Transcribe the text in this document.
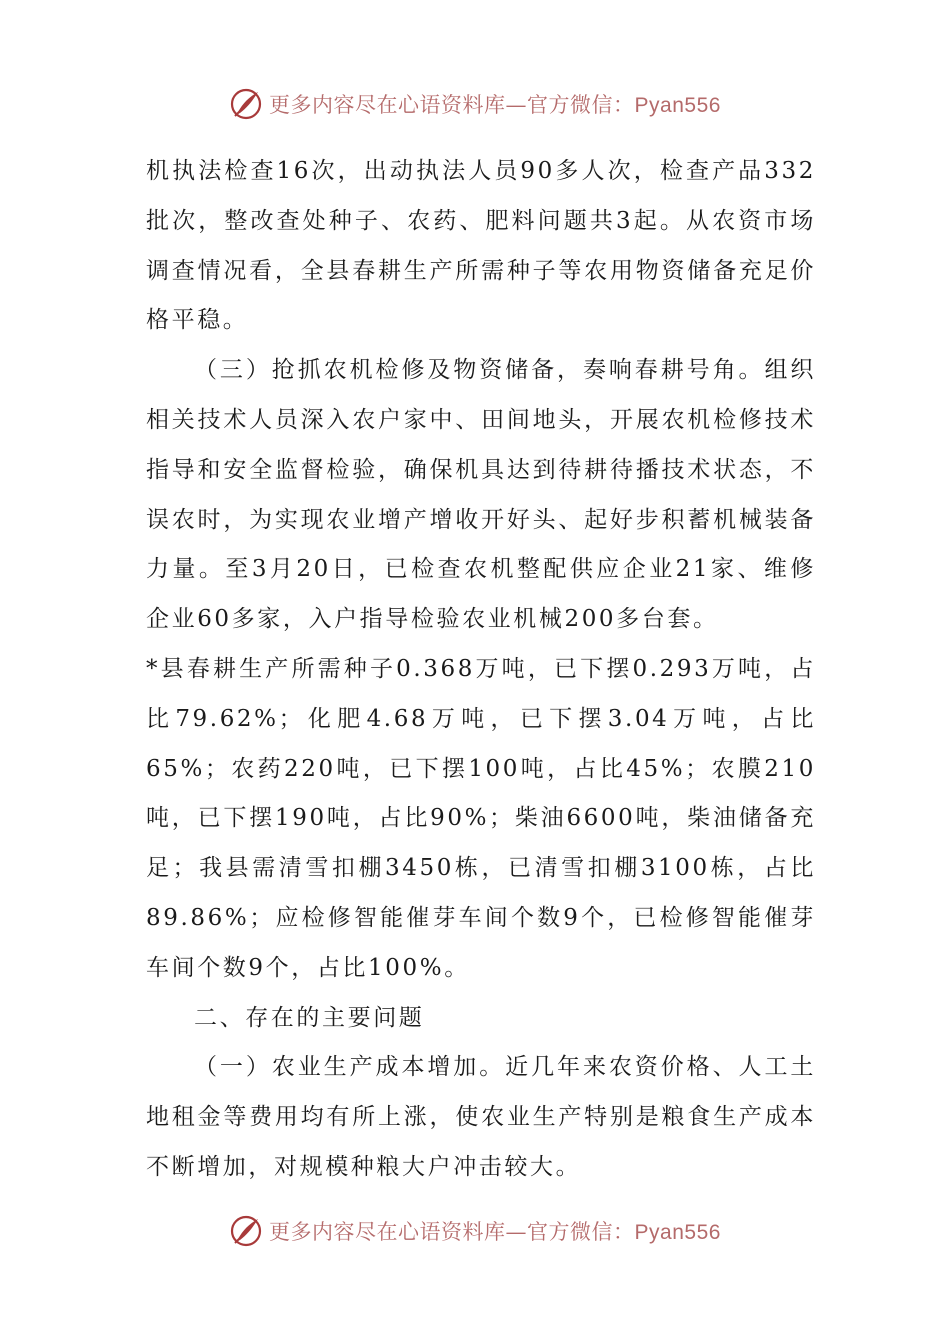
更多内容尽在心语资料库—官方微信：Pyan556

机执法检查16次，出动执法人员90多人次，检查产品332批次，整改查处种子、农药、肥料问题共3起。从农资市场调查情况看，全县春耕生产所需种子等农用物资储备充足价格平稳。

（三）抢抓农机检修及物资储备，奏响春耕号角。组织相关技术人员深入农户家中、田间地头，开展农机检修技术指导和安全监督检验，确保机具达到待耕待播技术状态，不误农时，为实现农业增产增收开好头、起好步积蓄机械装备力量。至3月20日，已检查农机整配供应企业21家、维修企业60多家，入户指导检验农业机械200多台套。

*县春耕生产所需种子0.368万吨，已下摆0.293万吨，占比79.62%；化肥4.68万吨，已下摆3.04万吨，占比65%；农药220吨，已下摆100吨，占比45%；农膜210吨，已下摆190吨，占比90%；柴油6600吨，柴油储备充足；我县需清雪扣棚3450栋，已清雪扣棚3100栋，占比89.86%；应检修智能催芽车间个数9个，已检修智能催芽车间个数9个，占比100%。

二、存在的主要问题

（一）农业生产成本增加。近几年来农资价格、人工土地租金等费用均有所上涨，使农业生产特别是粮食生产成本不断增加，对规模种粮大户冲击较大。

更多内容尽在心语资料库—官方微信：Pyan556
